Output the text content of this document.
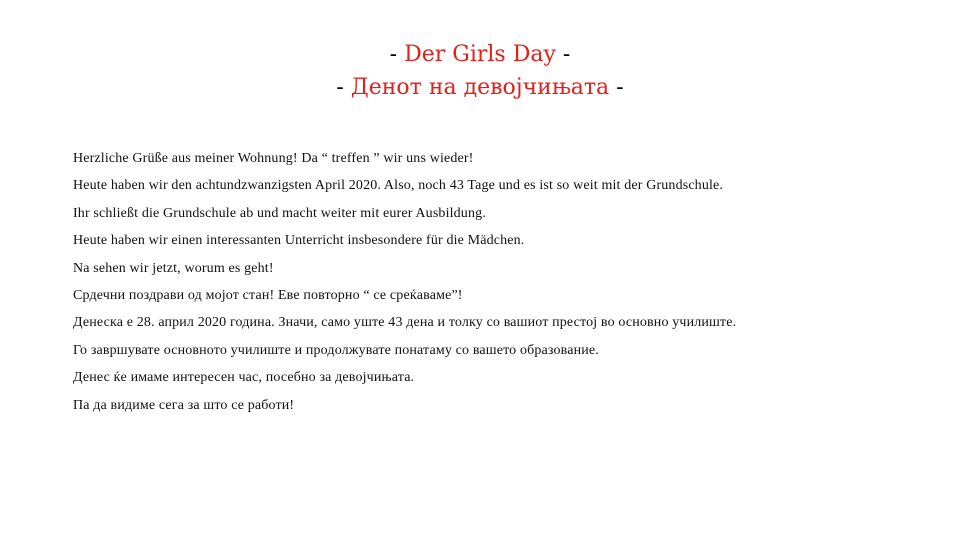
- Der Girls Day -
- Денот на девојчињата -
Herzliche Grüße aus meiner Wohnung! Da “ treffen ” wir uns wieder!
Heute haben wir den achtundzwanzigsten April 2020. Also, noch 43 Tage und es ist so weit mit der Grundschule.
Ihr schließt die Grundschule ab und macht weiter mit eurer Ausbildung.
Heute haben wir einen interessanten Unterricht insbesondere für die Mädchen.
Na sehen wir jetzt, worum es geht!
Срдечни поздрави од мојот стан! Еве повторно “ се среќаваме”!
Денеска е 28. април 2020 година. Значи, само уште 43 дена и толку со вашиот престој во основно училиште.
Го завршувате основното училиште и продолжувате понатаму со вашето образование.
Денес ќе имаме интересен час, посебно за девојчињата.
Па да видиме сега за што се работи!
